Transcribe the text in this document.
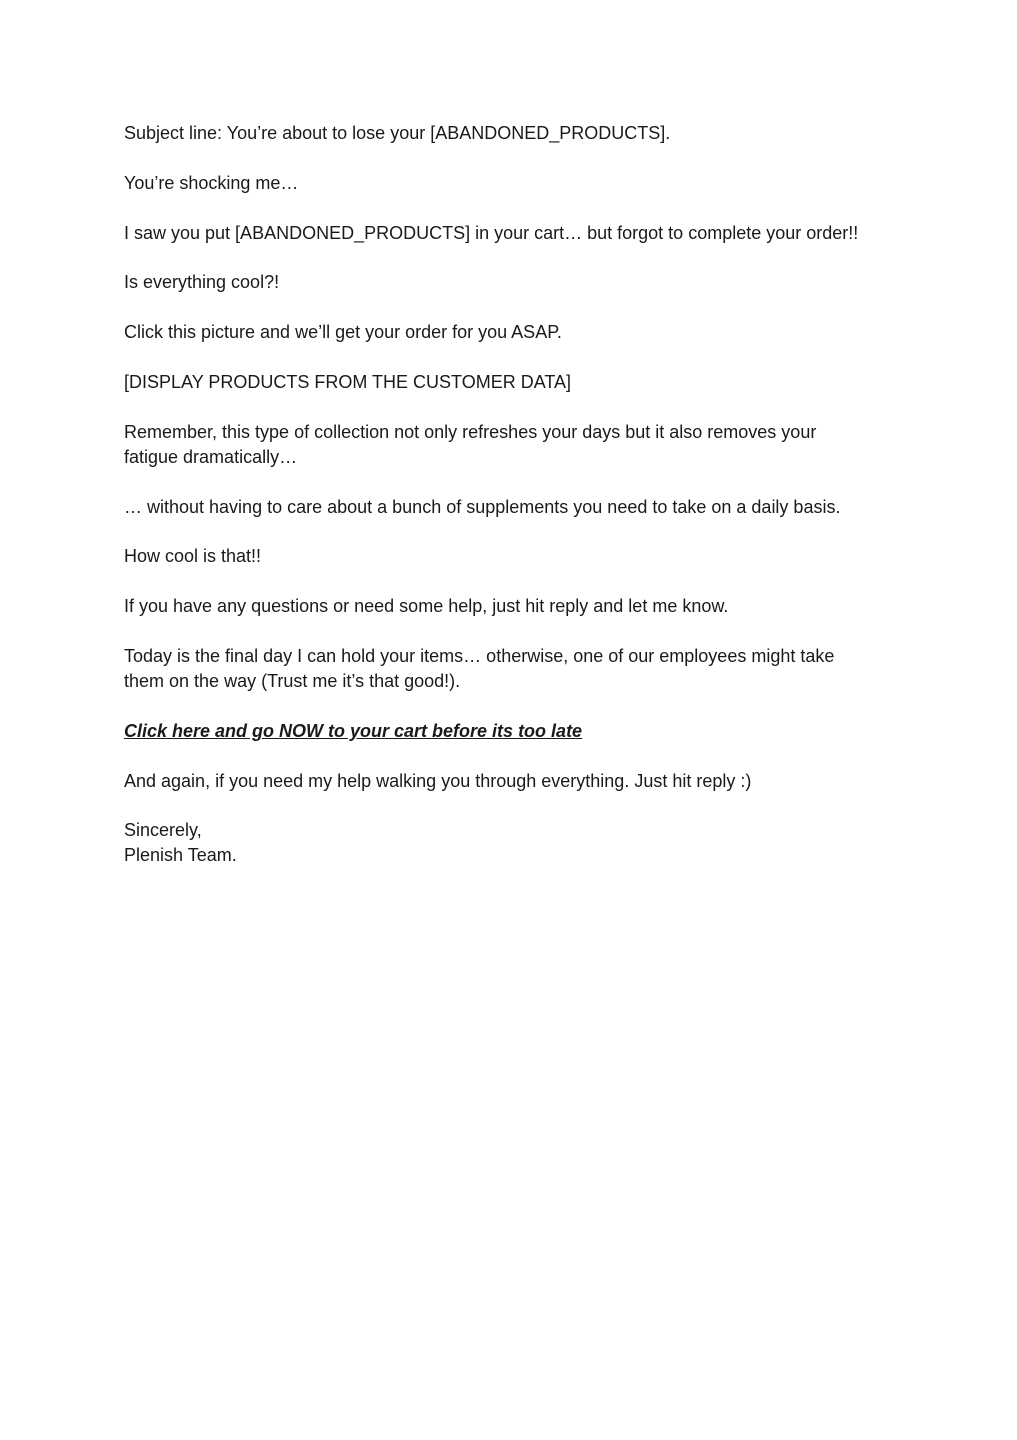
Subject line: You’re about to lose your [ABANDONED_PRODUCTS].

You’re shocking me…

I saw you put [ABANDONED_PRODUCTS] in your cart… but forgot to complete your order!!

Is everything cool?!

Click this picture and we’ll get your order for you ASAP.

[DISPLAY PRODUCTS FROM THE CUSTOMER DATA]

Remember, this type of collection not only refreshes your days but it also removes your
fatigue dramatically…

… without having to care about a bunch of supplements you need to take on a daily basis.

How cool is that!!

If you have any questions or need some help, just hit reply and let me know.

Today is the final day I can hold your items… otherwise, one of our employees might take
them on the way (Trust me it’s that good!).

Click here and go NOW to your cart before its too late

And again, if you need my help walking you through everything. Just hit reply :)

Sincerely,

Plenish Team.
